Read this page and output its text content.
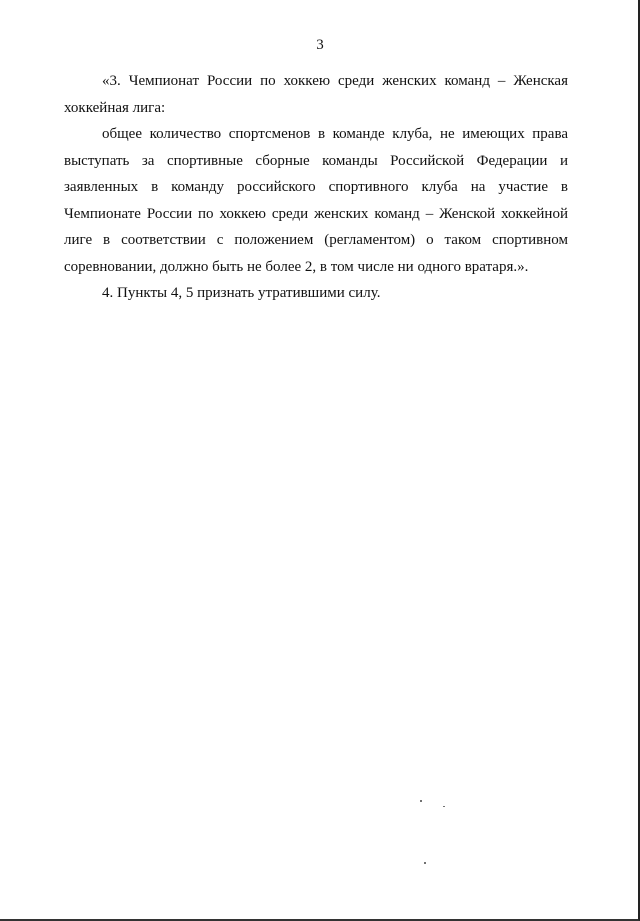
3

«3. Чемпионат России по хоккею среди женских команд – Женская хоккейная лига:

общее количество спортсменов в команде клуба, не имеющих права выступать за спортивные сборные команды Российской Федерации и заявленных в команду российского спортивного клуба на участие в Чемпионате России по хоккею среди женских команд – Женской хоккейной лиге в соответствии с положением (регламентом) о таком спортивном соревновании, должно быть не более 2, в том числе ни одного вратаря.».

4. Пункты 4, 5 признать утратившими силу.
